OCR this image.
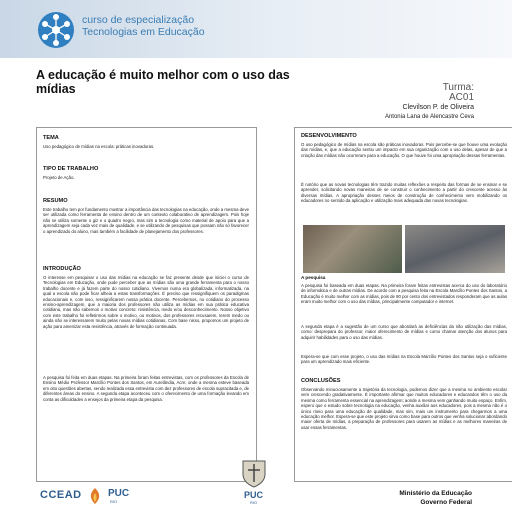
curso de especialização
Tecnologias em Educação
A educação é muito melhor com o uso das mídias	Turma:
AC01
Clevilson P. de Oliveira
Antonia Lana de Alencastre Ceva
TEMA
Uso pedagógico de mídias na escola: práticas inovadoras.
TIPO DE TRABALHO
Projeto de Ação.
RESUMO
Este trabalho tem por fundamento mostrar a importância das tecnologias na educação, onde a mesma deve ser utilizada como ferramenta de ensino dentro de um contexto colaborativo de aprendizagem. Pois hoje não se utiliza somente o giz e o quadro negro, mas sim a tecnologia como material de apoio para que a aprendizagem seja cada vez mais de qualidade, e se utilizando de pesquisas que possam não só favorecer o aprendizado do aluno, mas também a facilidade de planejamento dos professores.
INTRODUÇÃO
O interesse em pesquisar o uso das mídias na educação se faz presente desde que iniciei o curso de Tecnologias em Educação, onde pude perceber que as mídias são uma grande ferramenta para o nosso trabalho docente e já fazem parte do nosso cotidiano. Vivemos numa era globalizada, informatizada, na qual a escola não pode ficar alheia a estas transformações. É preciso que ressignifiquem os paradigmas educacionais e, com isso, ressignificarem nossa prática docente. Percebemos, no cotidiano do processo ensino-aprendizagem, que a maioria dos professores não utiliza as mídias em sua prática educativa cotidiana, mas não sabemos o motivo concreto: resistência, medo e/ou desconhecimento. Nosso objetivo com este trabalho foi refletirmos sobre o motivo, ou motivos, dos professores recusarem, terem medo ou ainda não se interessarem muito pelas novas mídias cotidianas. Com base nisso, propomos um projeto de ação para amenizar esta resistência, através de formação continuada.
A pesquisa foi feita em duas etapas. Na primeira foram feitas entrevistas, com os professores da Escola de Ensino Médio Professor Marcílio Pontes dos Santos, em Aurelândia, Acre, onde a mesma esteve baseada em oito questões abertas, sendo realizada essa entrevista com dez professores de escola supracitada e, de diferentes áreas do ensino. A segunda etapa aconteceu com o oferecimento de uma formação levando em conta as dificuldades a ensejos da primeira etapa da pesquisa.
DESENVOLVIMENTO
O uso pedagógico de mídias na escola são práticas inovadoras. Pois percebe-se que houve uma evolução das mídias, e, que a educação sentiu um impacto em sua organização com o uso delas, apesar de que a criação das mídias não ocorreram para a educação. O que houve foi uma apropriação dessas ferramentas.
É notório que as novas tecnologias têm trazido muitas reflexões a respeito das formas de se ensinar e se aprender, solicitando novas maneiras de se construir o conhecimento a partir do crescente acesso às diversas mídias. A apropriação desses meios de construção de conhecimento vem mobilizando os educadores no sentido da aplicação e utilização mais adequada das novas tecnologias.
A pesquisa
A pesquisa foi baseada em duas etapas. Na primeira foram feitas entrevistas acerca do uso do laboratório de informática e de outras mídias. De acordo com a pesquisa feita na Escola Marcílio Pontes dos Santos, a Educação é muito melhor com as mídias, pois de 80 por cento dos entrevistados responderam que as aulas eram muito melhor com o uso das mídias, principalmente computador e internet.
A segunda etapa é a sugestão de um curso que abordará as deficiências da não utilização das mídias, como: desprepara do professor, maior oferecimento de mídias e como chamar atenção dos alunos para adquirir habilidades para o uso das mídias.
Espera-se que com esse projeto, o uso das mídias na Escola Marcílio Pontes dos Santos seja o suficiente para um aprendizado mais eficiente.
CONCLUSÕES
Observando minuciosamente a trajetória da tecnologia, podemos dizer que a mesma no ambiente escolar vem crescendo gradativamente. É importante afirmar que muitos educadores e educandos têm o uso da mesma como ferramenta essencial na aprendizagem; aonde a mesma vem ganhando muito espaço. Enfim, espero que o estudo sobre tecnologia na educação, venha auxiliar aos educadores, pois a mesma não é o único meio para uma educação de qualidade, mas sim, mais um instrumento para chegarmos a uma educação melhor. Espera-se que este projeto sirva como base para outros que venha solucionar abordando maior oferta de mídias, a preparação de professores para usarem as mídias e as melhores maneiras de usar essas ferramentas.
CCEAD	PUC
RIO
PUC
RIO
Ministério da Educação
Governo Federal
